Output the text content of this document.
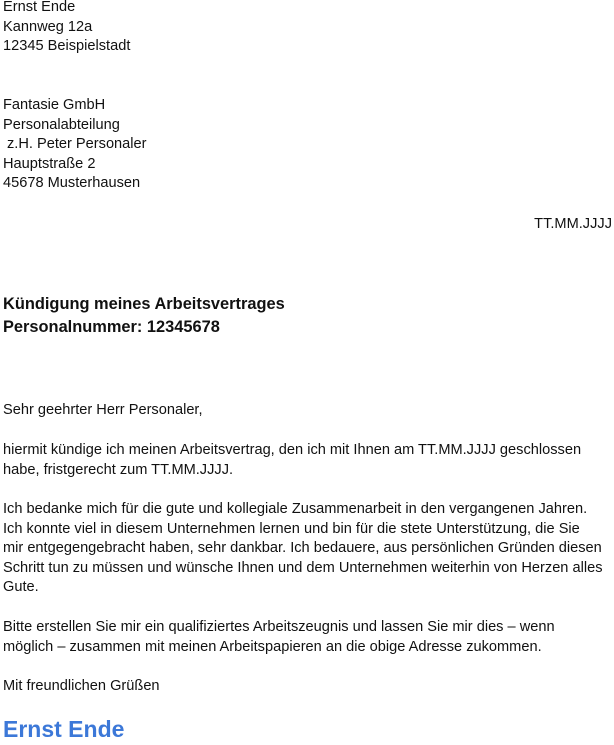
Ernst Ende
Kannweg 12a
12345 Beispielstadt
Fantasie GmbH
Personalabteilung
z.H. Peter Personaler
Hauptstraße 2
45678 Musterhausen
TT.MM.JJJJ
Kündigung meines Arbeitsvertrages
Personalnummer: 12345678
Sehr geehrter Herr Personaler,
hiermit kündige ich meinen Arbeitsvertrag, den ich mit Ihnen am TT.MM.JJJJ geschlossen
habe, fristgerecht zum TT.MM.JJJJ.
Ich bedanke mich für die gute und kollegiale Zusammenarbeit in den vergangenen Jahren.
Ich konnte viel in diesem Unternehmen lernen und bin für die stete Unterstützung, die Sie
mir entgegengebracht haben, sehr dankbar. Ich bedauere, aus persönlichen Gründen diesen
Schritt tun zu müssen und wünsche Ihnen und dem Unternehmen weiterhin von Herzen alles
Gute.
Bitte erstellen Sie mir ein qualifiziertes Arbeitszeugnis und lassen Sie mir dies – wenn
möglich – zusammen mit meinen Arbeitspapieren an die obige Adresse zukommen.
Mit freundlichen Grüßen
Ernst Ende
